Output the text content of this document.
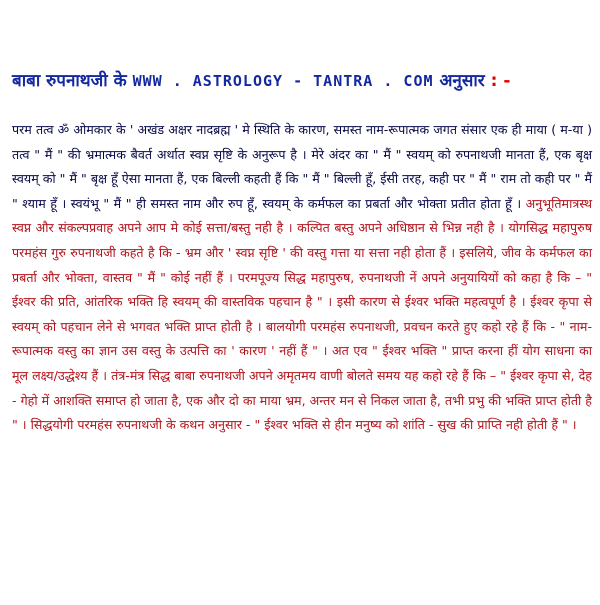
बाबा रुपनाथजी के WWW . ASTROLOGY - TANTRA . COM अनुसार : -
परम तत्व ॐ ओमकार के ' अखंड अक्षर नादब्रह्म ' मे स्थिति के कारण, समस्त नाम-रूपात्मक जगत संसार एक ही माया ( म-या ) तत्व " मैं " की भ्रमात्मक बैवर्त अर्थात स्वप्न सृष्टि के अनुरूप है । मेरे अंदर का " मैं " स्वयम् को रुपनाथजी मानता हैं, एक बृक्ष स्वयम् को " मैं " बृक्ष हूँ ऐसा मानता हैं, एक बिल्ली कहती हैं कि " मैं " बिल्ली हूँ, ईसी तरह, कही पर " मैं " राम तो कही पर " मैं " श्याम हूँ । स्वयंभू " मैं " ही समस्त नाम और रुप हूँ, स्वयम् के कर्मफल का प्रबर्ता और भोक्ता प्रतीत होता हूँ । अनुभूतिमात्रस्थ स्वप्न और संकल्पप्रवाह अपने आप मे कोई सत्ता/बस्तु नही है । कल्पित बस्तु अपने अधिष्ठान से भिन्न नही है । योगसिद्ध महापुरुष परमहंस गुरु रुपनाथजी कहते है कि - भ्रम और ' स्वप्न सृष्टि ' की वस्तु गत्ता या सत्ता नही होता हैं । इसलिये, जीव के कर्मफल का प्रबर्ता और भोक्ता, वास्तव " मैं " कोई नहीं हैं । परमपूज्य सिद्ध महापुरुष, रुपनाथजी नें अपने अनुयायियों को कहा है कि – " ईश्वर की प्रति, आंतरिक भक्ति हि स्वयम् की वास्तविक पहचान है " । इसी कारण से ईश्वर भक्ति महत्वपूर्ण है । ईश्वर कृपा से स्वयम् को पहचान लेने से भगवत भक्ति प्राप्त होती है । बालयोगी परमहंस रुपनाथजी, प्रवचन करते हुए कहो रहे हैं कि - " नाम-रूपात्मक वस्तु का ज्ञान उस वस्तु के उत्पत्ति का ' कारण ' नहीं हैं " । अत एव " ईश्वर भक्ति " प्राप्त करना हीं योग साधना का मूल लक्ष्य/उद्धेश्य हैं । तंत्र-मंत्र सिद्ध बाबा रुपनाथजी अपने अमृतमय वाणी बोलते समय यह कहो रहे हैं कि – " ईश्वर कृपा से, देह - गेहो में आशक्ति समाप्त हो जाता है, एक और दो का माया भ्रम, अन्तर मन से निकल जाता है, तभी प्रभु की भक्ति प्राप्त होती है " । सिद्धयोगी परमहंस रुपनाथजी के कथन अनुसार - " ईश्वर भक्ति से हीन मनुष्य को शांति - सुख की प्राप्ति नही होती हैं " ।
